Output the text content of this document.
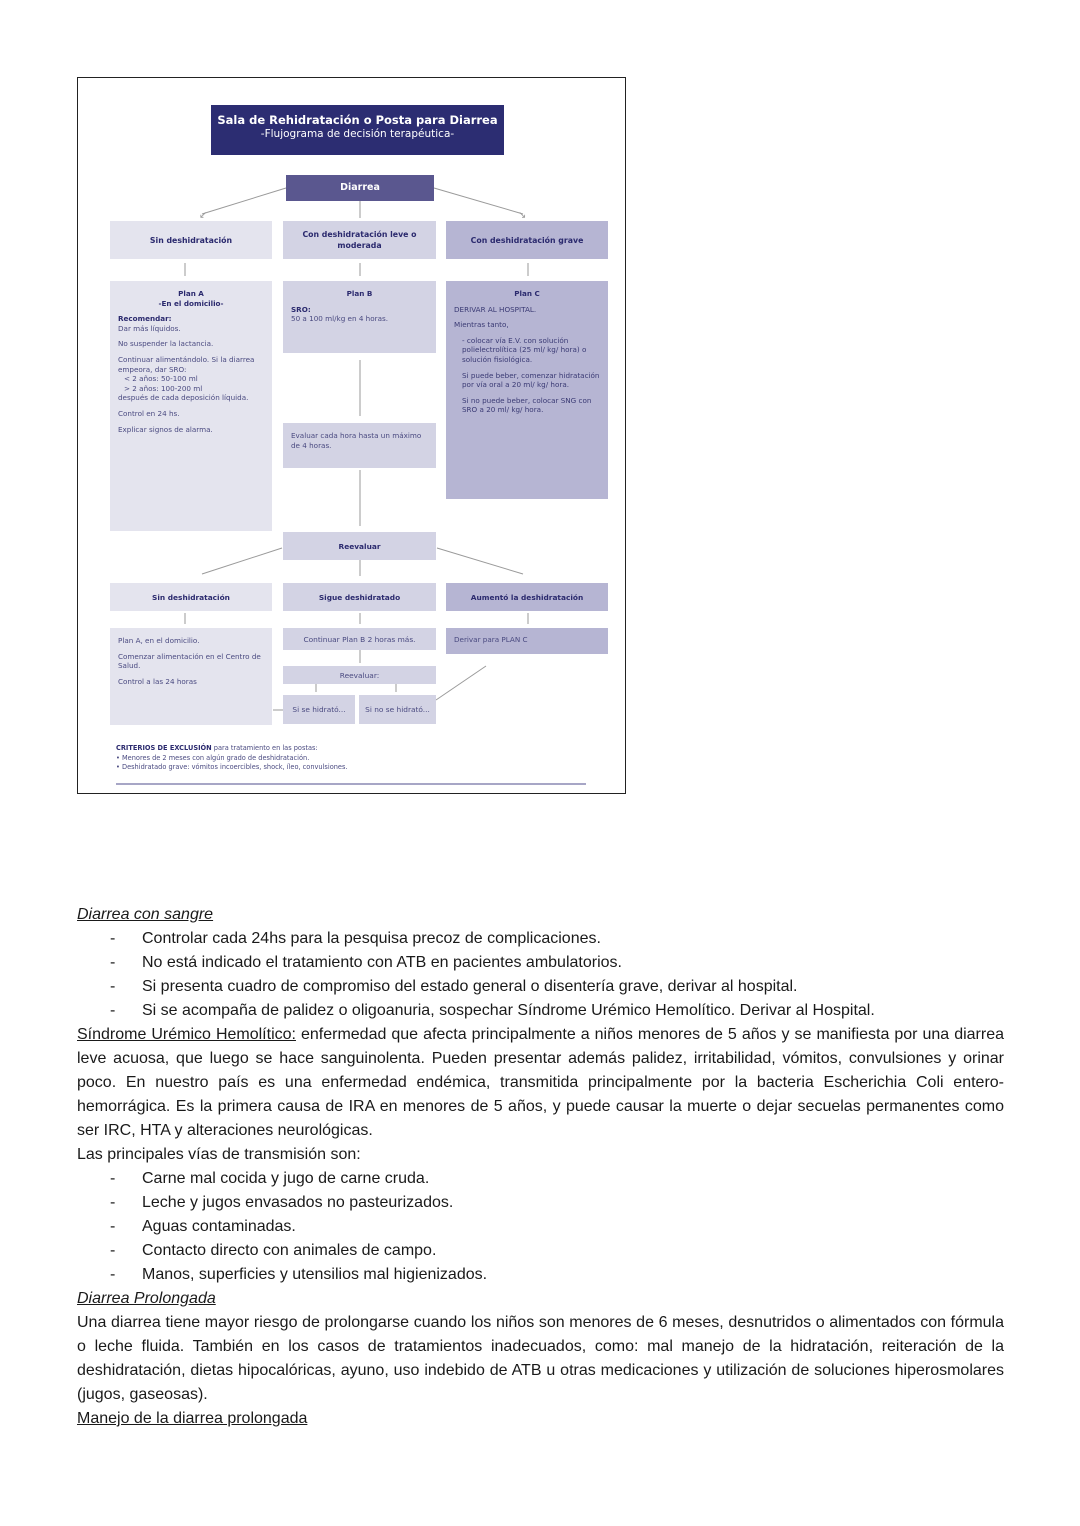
↙	↘
Sala de Rehidratación o Posta para Diarrea
-Flujograma de decisión terapéutica-
Diarrea
Sin deshidratación
Con deshidratación leve o moderada
Con deshidratación grave
Plan A
-En el domicilio-
Recomendar:

Dar más líquidos.

No suspender la lactancia.

Continuar alimentándolo. Si la diarrea empeora, dar SRO:
< 2 años: 50-100 ml
> 2 años: 100-200 ml

después de cada deposición líquida.

Control en 24 hs.

Explicar signos de alarma.

Plan B
SRO:
50 a 100 ml/kg en 4 horas.
Evaluar cada hora hasta un máximo de 4 horas.
Plan C

DERIVAR AL HOSPITAL.

Mientras tanto,

- colocar vía E.V. con solución polielectrolítica (25 ml/ kg/ hora) o solución fisiológica.

Si puede beber, comenzar hidratación por vía oral a 20 ml/ kg/ hora.

Si no puede beber, colocar SNG con SRO a 20 ml/ kg/ hora.

Reevaluar
Sin deshidratación	Sigue deshidratado	Aumentó la deshidratación

Plan A, en el domicilio.

Comenzar alimentación en el Centro de Salud.

Control a las 24 horas

Continuar Plan B 2 horas más.
Reevaluar:
Si se hidrató...	Si no se hidrató...
Derivar para PLAN C
CRITERIOS DE EXCLUSIÓN para tratamiento en las postas:
• Menores de 2 meses con algún grado de deshidratación.
• Deshidratado grave: vómitos incoercibles, shock, íleo, convulsiones.
Diarrea con sangre
- Controlar cada 24hs para la pesquisa precoz de complicaciones.
- No está indicado el tratamiento con ATB en pacientes ambulatorios.
- Si presenta cuadro de compromiso del estado general o disentería grave, derivar al hospital.
- Si se acompaña de palidez o oligoanuria, sospechar Síndrome Urémico Hemolítico. Derivar al Hospital.
Síndrome Urémico Hemolítico: enfermedad que afecta principalmente a niños menores de 5 años y se manifiesta por una diarrea leve acuosa, que luego se hace sanguinolenta. Pueden presentar además palidez, irritabilidad, vómitos, convulsiones y orinar poco. En nuestro país es una enfermedad endémica, transmitida principalmente por la bacteria Escherichia Coli entero-hemorrágica. Es la primera causa de IRA en menores de 5 años, y puede causar la muerte o dejar secuelas permanentes como ser IRC, HTA y alteraciones neurológicas.
Las principales vías de transmisión son:
- Carne mal cocida y jugo de carne cruda.
- Leche y jugos envasados no pasteurizados.
- Aguas contaminadas.
- Contacto directo con animales de campo.
- Manos, superficies y utensilios mal higienizados.
Diarrea Prolongada
Una diarrea tiene mayor riesgo de prolongarse cuando los niños son menores de 6 meses, desnutridos o alimentados con fórmula o leche fluida. También en los casos de tratamientos inadecuados, como: mal manejo de la hidratación, reiteración de la deshidratación, dietas hipocalóricas, ayuno, uso indebido de ATB u otras medicaciones y utilización de soluciones hiperosmolares (jugos, gaseosas).
Manejo de la diarrea prolongada
